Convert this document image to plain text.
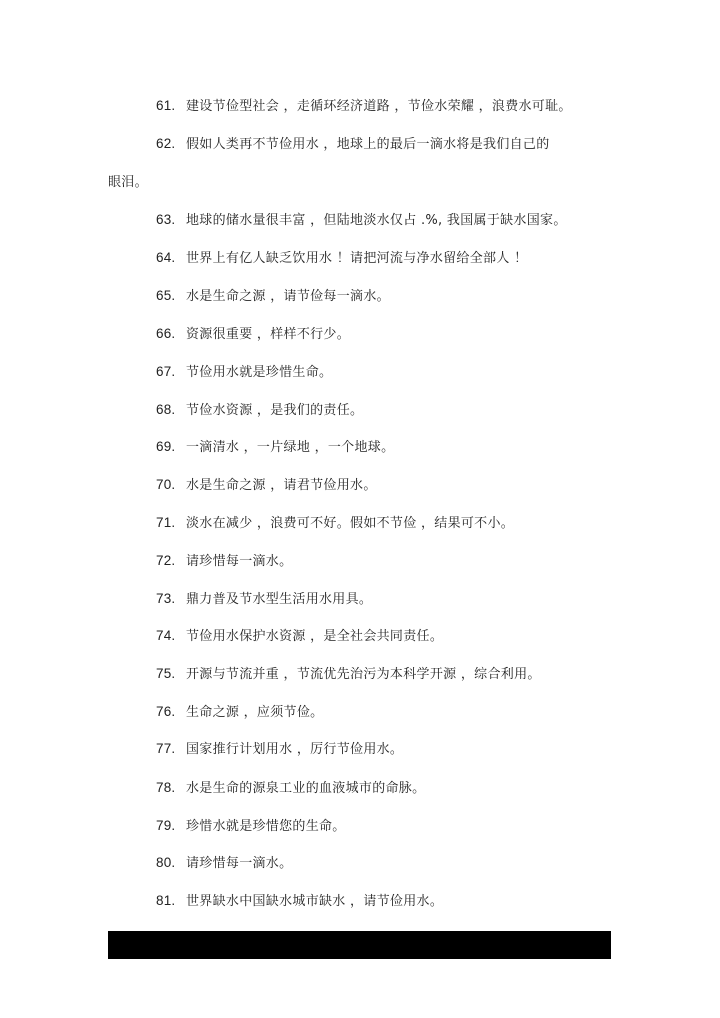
61. 建设节俭型社会 ，走循环经济道路 ，节俭水荣耀 ，浪费水可耻。
62. 假如人类再不节俭用水 ，地球上的最后一滴水将是我们自己的
眼泪。
63. 地球的储水量很丰富 ，但陆地淡水仅占 .%, 我国属于缺水国家。
64. 世界上有亿人缺乏饮用水 ！请把河流与净水留给全部人 ！
65. 水是生命之源 ，请节俭每一滴水。
66. 资源很重要 ，样样不行少。
67. 节俭用水就是珍惜生命。
68. 节俭水资源 ，是我们的责任。
69. 一滴清水 ，一片绿地 ，一个地球。
70. 水是生命之源 ，请君节俭用水。
71. 淡水在减少 ，浪费可不好。假如不节俭 ，结果可不小。
72. 请珍惜每一滴水。
73. 鼎力普及节水型生活用水用具。
74. 节俭用水保护水资源 ，是全社会共同责任。
75. 开源与节流并重 ，节流优先治污为本科学开源 ，综合利用。
76. 生命之源 ，应须节俭。
77. 国家推行计划用水 ，厉行节俭用水。
78. 水是生命的源泉工业的血液城市的命脉。
79. 珍惜水就是珍惜您的生命。
80. 请珍惜每一滴水。
81. 世界缺水中国缺水城市缺水 ，请节俭用水。
